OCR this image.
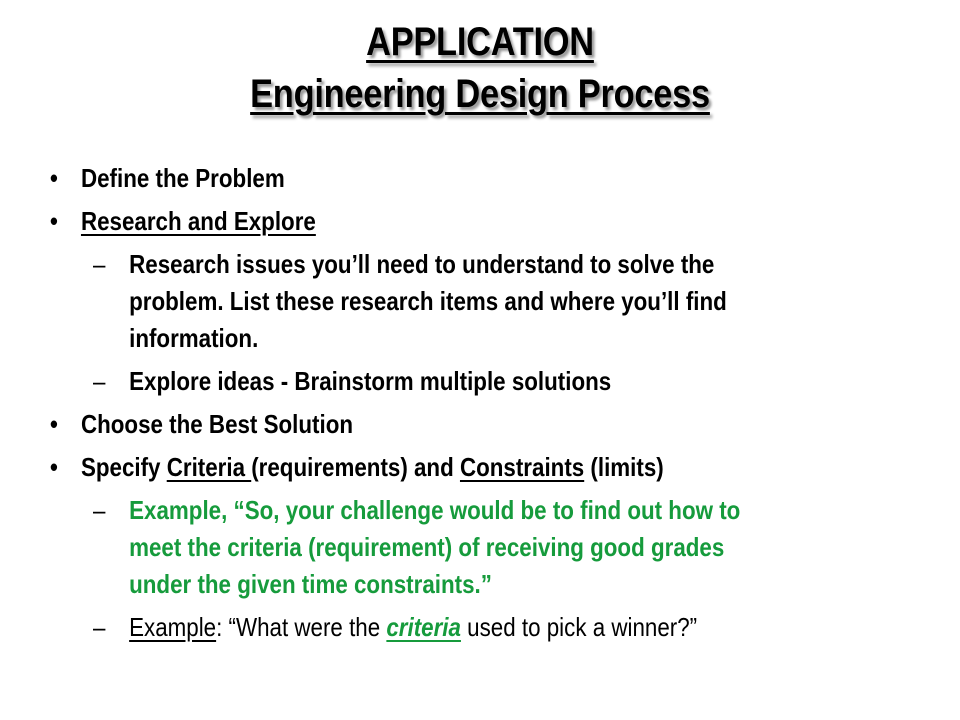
APPLICATION
Engineering Design Process
• Define the Problem
• Research and Explore
– Research issues you’ll need to understand to solve the
problem. List these research items and where you’ll find
information.
– Explore ideas - Brainstorm multiple solutions
• Choose the Best Solution
• Specify Criteria (requirements) and Constraints (limits)
– Example, “So, your challenge would be to find out how to
meet the criteria (requirement) of receiving good grades
under the given time constraints.”
– Example: “What were the criteria used to pick a winner?”
